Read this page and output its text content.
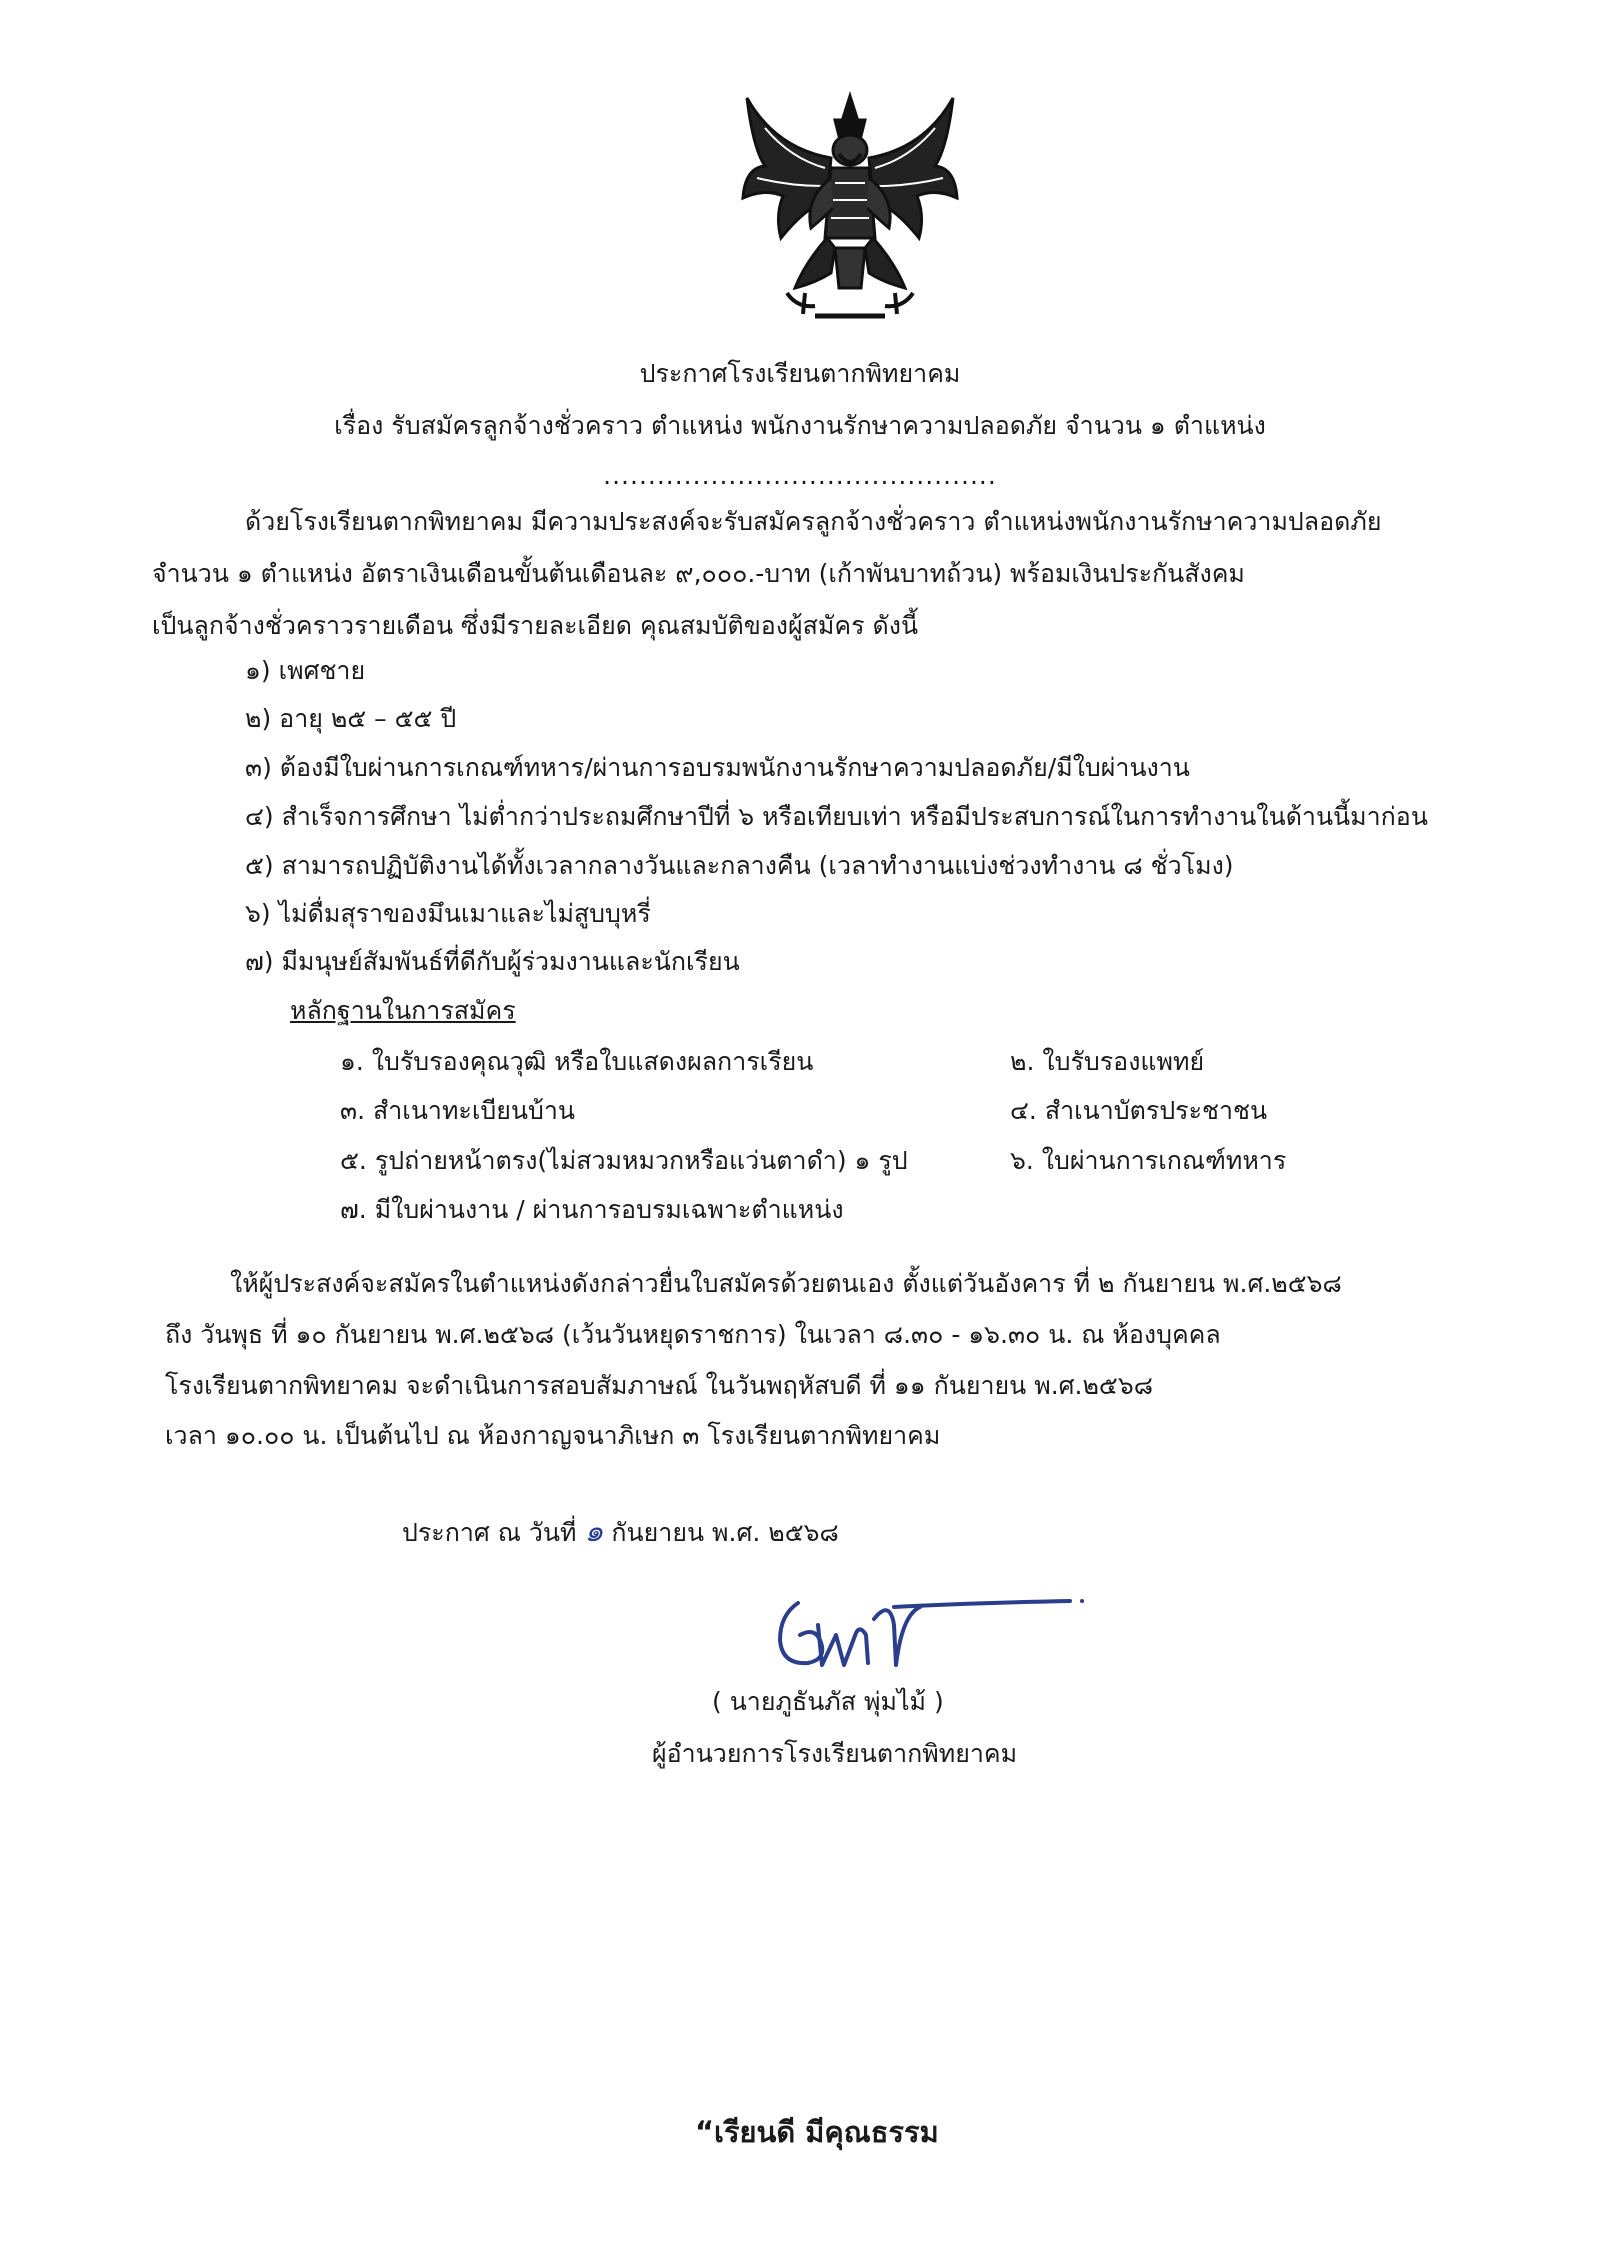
ประกาศโรงเรียนตากพิทยาคม
เรื่อง รับสมัครลูกจ้างชั่วคราว ตำแหน่ง พนักงานรักษาความปลอดภัย จำนวน ๑ ตำแหน่ง
............................................
ด้วยโรงเรียนตากพิทยาคม มีความประสงค์จะรับสมัครลูกจ้างชั่วคราว ตำแหน่งพนักงานรักษาความปลอดภัย
จำนวน ๑ ตำแหน่ง อัตราเงินเดือนขั้นต้นเดือนละ ๙,๐๐๐.-บาท (เก้าพันบาทถ้วน) พร้อมเงินประกันสังคม
เป็นลูกจ้างชั่วคราวรายเดือน ซึ่งมีรายละเอียด คุณสมบัติของผู้สมัคร ดังนี้
๑) เพศชาย
๒) อายุ ๒๕ – ๕๕ ปี
๓) ต้องมีใบผ่านการเกณฑ์ทหาร/ผ่านการอบรมพนักงานรักษาความปลอดภัย/มีใบผ่านงาน
๔) สำเร็จการศึกษา ไม่ต่ำกว่าประถมศึกษาปีที่ ๖ หรือเทียบเท่า หรือมีประสบการณ์ในการทำงานในด้านนี้มาก่อน
๕) สามารถปฏิบัติงานได้ทั้งเวลากลางวันและกลางคืน (เวลาทำงานแบ่งช่วงทำงาน ๘ ชั่วโมง)
๖) ไม่ดื่มสุราของมึนเมาและไม่สูบบุหรี่
๗) มีมนุษย์สัมพันธ์ที่ดีกับผู้ร่วมงานและนักเรียน
หลักฐานในการสมัคร
๑. ใบรับรองคุณวุฒิ หรือใบแสดงผลการเรียน	๒. ใบรับรองแพทย์
๓. สำเนาทะเบียนบ้าน	๔. สำเนาบัตรประชาชน
๕. รูปถ่ายหน้าตรง(ไม่สวมหมวกหรือแว่นตาดำ) ๑ รูป	๖. ใบผ่านการเกณฑ์ทหาร
๗. มีใบผ่านงาน / ผ่านการอบรมเฉพาะตำแหน่ง
ให้ผู้ประสงค์จะสมัครในตำแหน่งดังกล่าวยื่นใบสมัครด้วยตนเอง ตั้งแต่วันอังคาร ที่ ๒ กันยายน พ.ศ.๒๕๖๘
ถึง วันพุธ ที่ ๑๐ กันยายน พ.ศ.๒๕๖๘ (เว้นวันหยุดราชการ) ในเวลา ๘.๓๐ - ๑๖.๓๐ น. ณ ห้องบุคคล
โรงเรียนตากพิทยาคม จะดำเนินการสอบสัมภาษณ์ ในวันพฤหัสบดี ที่ ๑๑ กันยายน พ.ศ.๒๕๖๘
เวลา ๑๐.๐๐ น. เป็นต้นไป ณ ห้องกาญจนาภิเษก ๓ โรงเรียนตากพิทยาคม
ประกาศ ณ วันที่ ๑ กันยายน พ.ศ. ๒๕๖๘
( นายภูธันภัส พุ่มไม้ )
ผู้อำนวยการโรงเรียนตากพิทยาคม
“เรียนดี มีคุณธรรม
